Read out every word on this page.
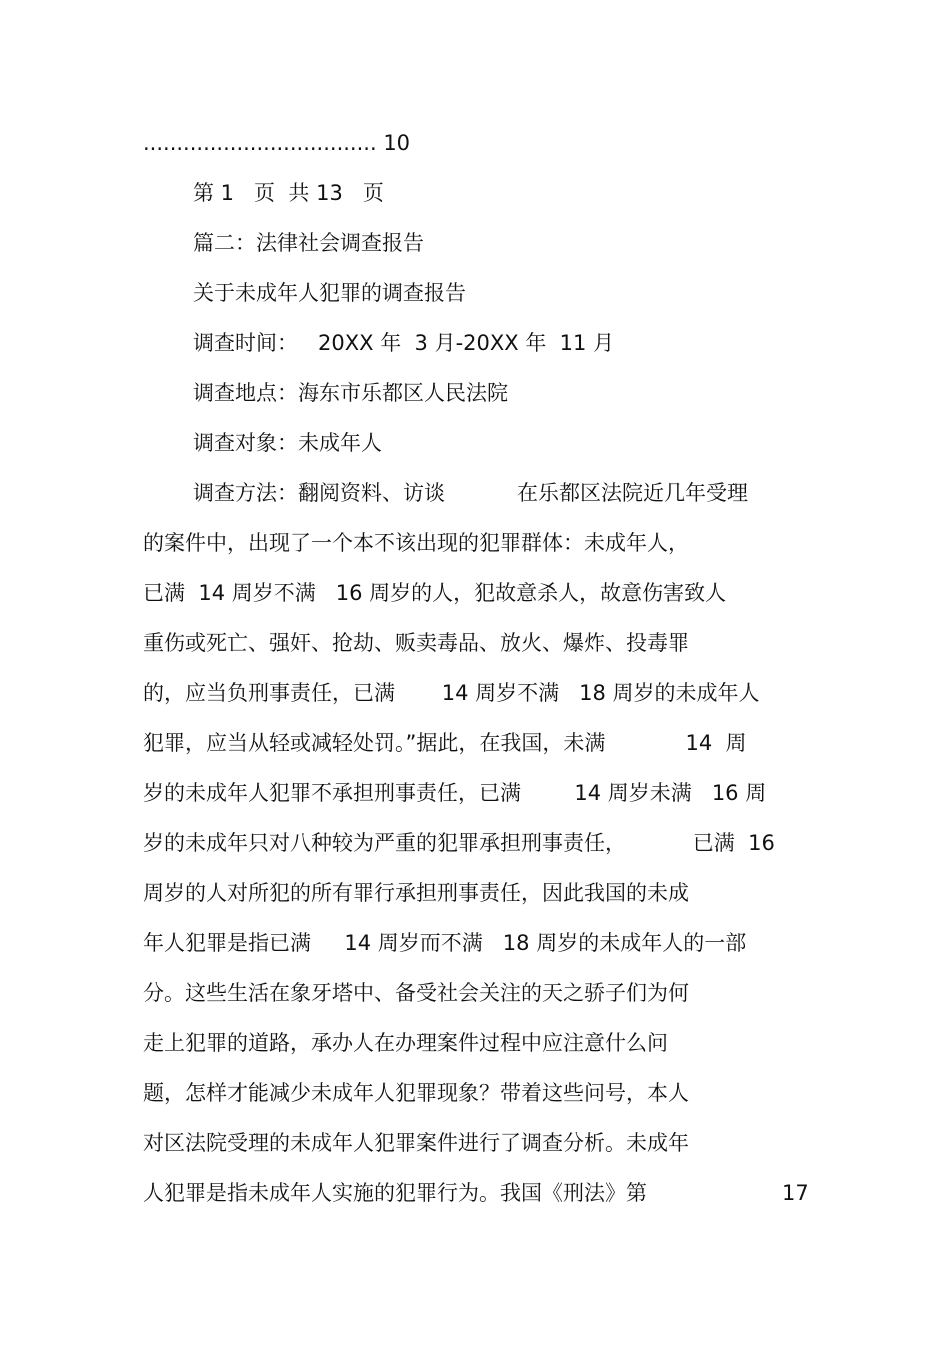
................................... 10
第 1   页  共 13   页
篇二：法律社会调查报告
关于未成年人犯罪的调查报告
调查时间：   20XX 年  3 月-20XX 年  11 月
调查地点：海东市乐都区人民法院
调查对象：未成年人
调查方法：翻阅资料、访谈	在乐都区法院近几年受理
的案件中，出现了一个本不该出现的犯罪群体：未成年人，
已满  14 周岁不满   16 周岁的人，犯故意杀人，故意伤害致人
重伤或死亡、强奸、抢劫、贩卖毒品、放火、爆炸、投毒罪
的，应当负刑事责任，已满       14 周岁不满   18 周岁的未成年人
犯罪，应当从轻或减轻处罚。”据此，在我国，未满            14  周
岁的未成年人犯罪不承担刑事责任，已满        14 周岁未满   16 周
岁的未成年只对八种较为严重的犯罪承担刑事责任，          已满  16
周岁的人对所犯的所有罪行承担刑事责任，因此我国的未成
年人犯罪是指已满     14 周岁而不满   18 周岁的未成年人的一部
分。这些生活在象牙塔中、备受社会关注的天之骄子们为何
走上犯罪的道路，承办人在办理案件过程中应注意什么问
题，怎样才能减少未成年人犯罪现象？带着这些问号，本人
对区法院受理的未成年人犯罪案件进行了调查分析。未成年
人犯罪是指未成年人实施的犯罪行为。我国《刑法》第	17
